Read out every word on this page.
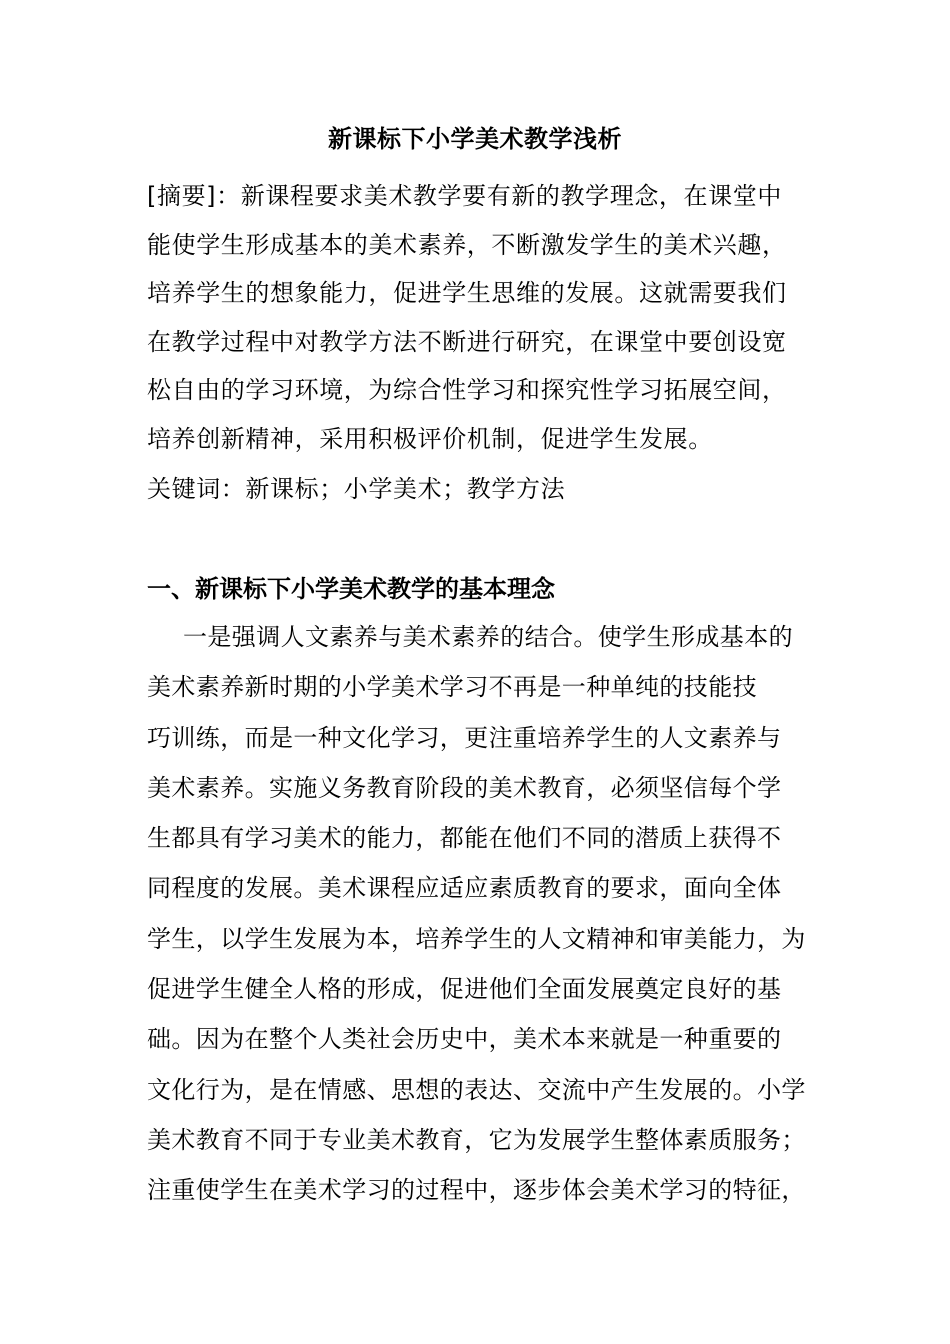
新课标下小学美术教学浅析
[摘要]：新课程要求美术教学要有新的教学理念，在课堂中
能使学生形成基本的美术素养，不断激发学生的美术兴趣，
培养学生的想象能力，促进学生思维的发展。这就需要我们
在教学过程中对教学方法不断进行研究，在课堂中要创设宽
松自由的学习环境，为综合性学习和探究性学习拓展空间，
培养创新精神，采用积极评价机制，促进学生发展。
关键词：新课标；小学美术；教学方法
一、新课标下小学美术教学的基本理念
一是强调人文素养与美术素养的结合。使学生形成基本的
美术素养新时期的小学美术学习不再是一种单纯的技能技
巧训练，而是一种文化学习，更注重培养学生的人文素养与
美术素养。实施义务教育阶段的美术教育，必须坚信每个学
生都具有学习美术的能力，都能在他们不同的潜质上获得不
同程度的发展。美术课程应适应素质教育的要求，面向全体
学生，以学生发展为本，培养学生的人文精神和审美能力，为
促进学生健全人格的形成，促进他们全面发展奠定良好的基
础。因为在整个人类社会历史中，美术本来就是一种重要的
文化行为，是在情感、思想的表达、交流中产生发展的。小学
美术教育不同于专业美术教育，它为发展学生整体素质服务；
注重使学生在美术学习的过程中，逐步体会美术学习的特征，
